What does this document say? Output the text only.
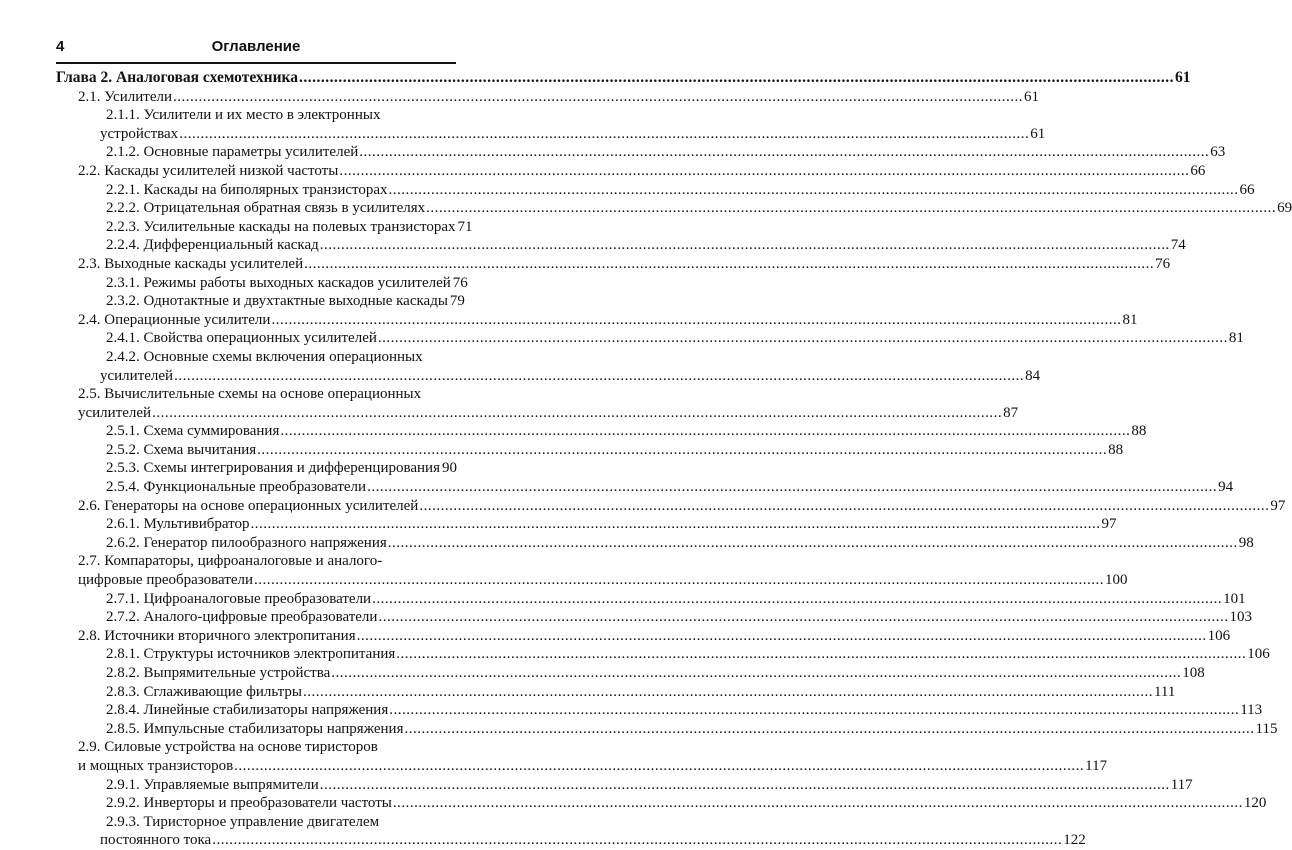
4	Оглавление
Глава 2. Аналоговая схемотехника ........................................................................................................................................................................................................ 61
2.1. Усилители ........................................................................................................................................................................................................ 61
2.1.1. Усилители и их место в электронных
устройствах ........................................................................................................................................................................................................ 61
2.1.2. Основные параметры усилителей ........................................................................................................................................................................................................ 63
2.2. Каскады усилителей низкой частоты ........................................................................................................................................................................................................ 66
2.2.1. Каскады на биполярных транзисторах ........................................................................................................................................................................................................ 66
2.2.2. Отрицательная обратная связь в усилителях ........................................................................................................................................................................................................ 69
2.2.3. Усилительные каскады на полевых транзисторах 71
2.2.4. Дифференциальный каскад ........................................................................................................................................................................................................ 74
2.3. Выходные каскады усилителей ........................................................................................................................................................................................................ 76
2.3.1. Режимы работы выходных каскадов усилителей 76
2.3.2. Однотактные и двухтактные выходные каскады 79
2.4. Операционные усилители ........................................................................................................................................................................................................ 81
2.4.1. Свойства операционных усилителей ........................................................................................................................................................................................................ 81
2.4.2. Основные схемы включения операционных
усилителей ........................................................................................................................................................................................................ 84
2.5. Вычислительные схемы на основе операционных
усилителей ........................................................................................................................................................................................................ 87
2.5.1. Схема суммирования ........................................................................................................................................................................................................ 88
2.5.2. Схема вычитания ........................................................................................................................................................................................................ 88
2.5.3. Схемы интегрирования и дифференцирования 90
2.5.4. Функциональные преобразователи ........................................................................................................................................................................................................ 94
2.6. Генераторы на основе операционных усилителей ........................................................................................................................................................................................................ 97
2.6.1. Мультивибратор ........................................................................................................................................................................................................ 97
2.6.2. Генератор пилообразного напряжения ........................................................................................................................................................................................................ 98
2.7. Компараторы, цифроаналоговые и аналого-
цифровые преобразователи ........................................................................................................................................................................................................ 100
2.7.1. Цифроаналоговые преобразователи ........................................................................................................................................................................................................ 101
2.7.2. Аналого-цифровые преобразователи ........................................................................................................................................................................................................ 103
2.8. Источники вторичного электропитания ........................................................................................................................................................................................................ 106
2.8.1. Структуры источников электропитания ........................................................................................................................................................................................................ 106
2.8.2. Выпрямительные устройства ........................................................................................................................................................................................................ 108
2.8.3. Сглаживающие фильтры ........................................................................................................................................................................................................ 111
2.8.4. Линейные стабилизаторы напряжения ........................................................................................................................................................................................................ 113
2.8.5. Импульсные стабилизаторы напряжения ........................................................................................................................................................................................................ 115
2.9. Силовые устройства на основе тиристоров
и мощных транзисторов ........................................................................................................................................................................................................ 117
2.9.1. Управляемые выпрямители ........................................................................................................................................................................................................ 117
2.9.2. Инверторы и преобразователи частоты ........................................................................................................................................................................................................ 120
2.9.3. Тиристорное управление двигателем
постоянного тока ........................................................................................................................................................................................................ 122
